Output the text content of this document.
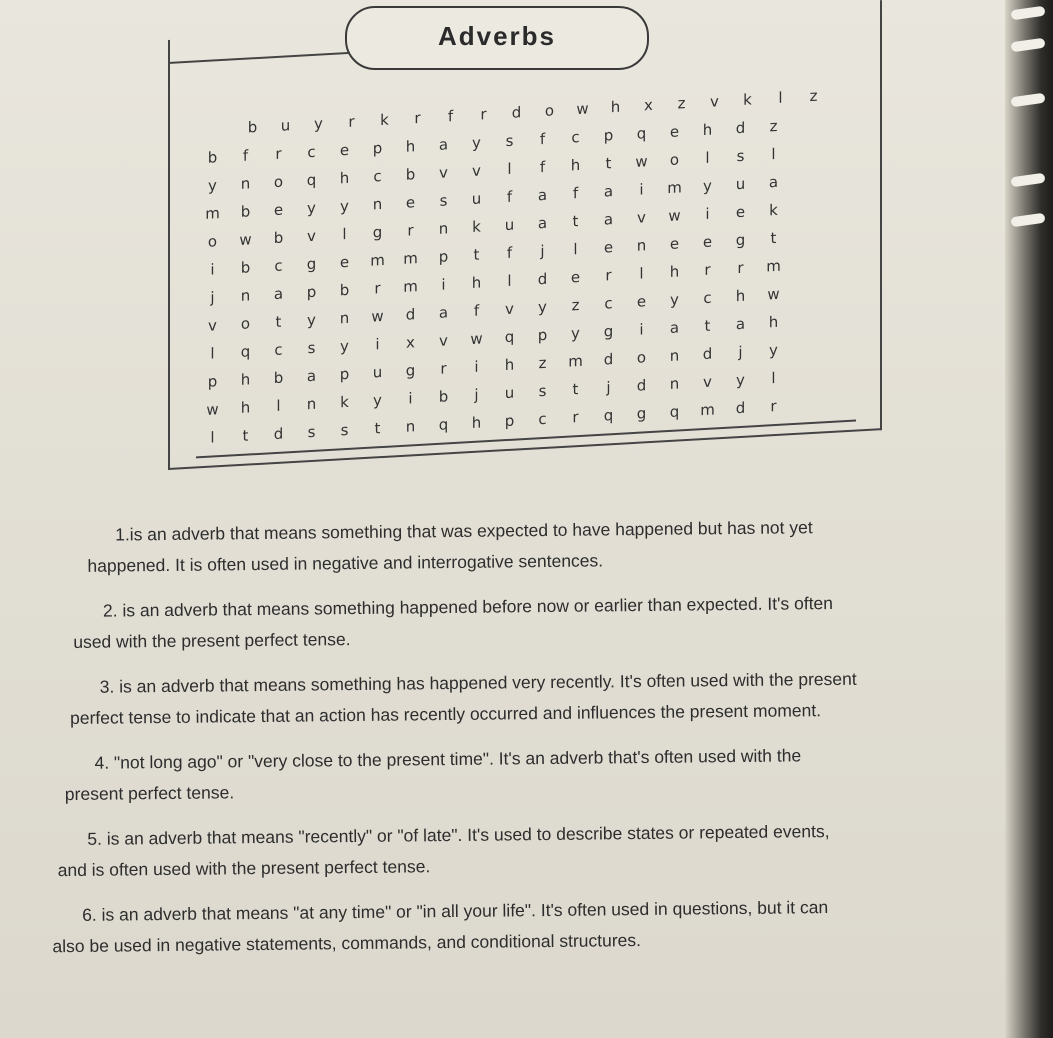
Adverbs
b	u	y	r	k	r	f	r	d	o	w	h	x	z	v	k	l	z
b	f	r	c	e	p	h	a	y	s	f	c	p	q	e	h	d	z
y	n	o	q	h	c	b	v	v	l	f	h	t	w	o	l	s	l
m	b	e	y	y	n	e	s	u	f	a	f	a	i	m	y	u	a
o	w	b	v	l	g	r	n	k	u	a	t	a	v	w	i	e	k
i	b	c	g	e	m	m	p	t	f	j	l	e	n	e	e	g	t
j	n	a	p	b	r	m	i	h	l	d	e	r	l	h	r	r	m
v	o	t	y	n	w	d	a	f	v	y	z	c	e	y	c	h	w
l	q	c	s	y	i	x	v	w	q	p	y	g	i	a	t	a	h
p	h	b	a	p	u	g	r	i	h	z	m	d	o	n	d	j	y
w	h	l	n	k	y	i	b	j	u	s	t	j	d	n	v	y	l
l	t	d	s	s	t	n	q	h	p	c	r	q	g	q	m	d	r
1.is an adverb that means something that was expected to have happened but has not yet
happened. It is often used in negative and interrogative sentences.
2. is an adverb that means something happened before now or earlier than expected. It's often
used with the present perfect tense.
3. is an adverb that means something has happened very recently. It's often used with the present
perfect tense to indicate that an action has recently occurred and influences the present moment.
4. "not long ago" or "very close to the present time". It's an adverb that's often used with the
present perfect tense.
5. is an adverb that means "recently" or "of late". It's used to describe states or repeated events,
and is often used with the present perfect tense.
6. is an adverb that means "at any time" or "in all your life". It's often used in questions, but it can
also be used in negative statements, commands, and conditional structures.
